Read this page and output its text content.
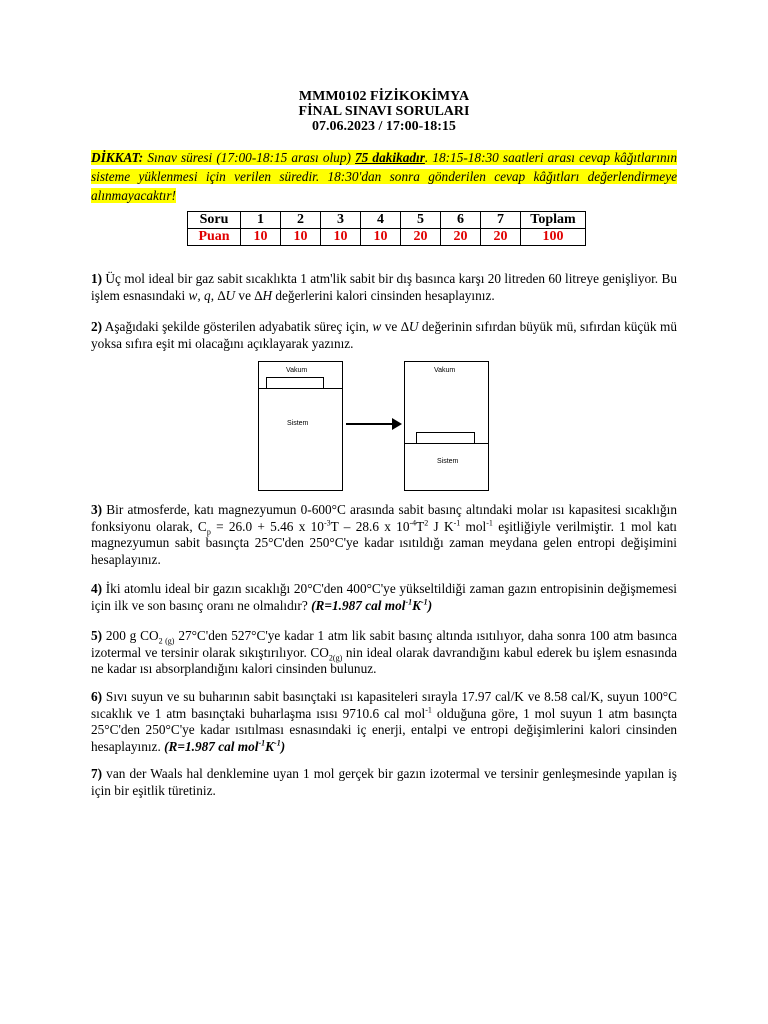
MMM0102 FİZİKOKİMYA
FİNAL SINAVI SORULARI
07.06.2023 / 17:00-18:15
DİKKAT: Sınav süresi (17:00-18:15 arası olup) 75 dakikadır. 18:15-18:30 saatleri arası cevap kâğıtlarının sisteme yüklenmesi için verilen süredir. 18:30'dan sonra gönderilen cevap kâğıtları değerlendirmeye alınmayacaktır!
Soru	1	2	3	4	5	6	7	Toplam
Puan	10	10	10	10	20	20	20	100
1) Üç mol ideal bir gaz sabit sıcaklıkta 1 atm'lik sabit bir dış basınca karşı 20 litreden 60 litreye genişliyor. Bu işlem esnasındaki w, q, ∆U ve ∆H değerlerini kalori cinsinden hesaplayınız.
2) Aşağıdaki şekilde gösterilen adyabatik süreç için, w ve ∆U değerinin sıfırdan büyük mü, sıfırdan küçük mü yoksa sıfıra eşit mi olacağını açıklayarak yazınız.
Vakum
Sistem
Vakum
Sistem
3) Bir atmosferde, katı magnezyumun 0-600°C arasında sabit basınç altındaki molar ısı kapasitesi sıcaklığın fonksiyonu olarak, $C_p = 26.0 + 5.46$ x $10^{-3}T - 28.6$ x $10^{-4}T^2$ J $K^{-1}$ mol$^{-1}$ eşitliğiyle verilmiştir. 1 mol katı magnezyumun sabit basınçta 25°C'den 250°C'ye kadar ısıtıldığı zaman meydana gelen entropi değişimini hesaplayınız.
4) İki atomlu ideal bir gazın sıcaklığı 20°C'den 400°C'ye yükseltildiği zaman gazın entropisinin değişmemesi için ilk ve son basınç oranı ne olmalıdır? (R=1.987 cal $mol^{-1}K^{-1}$)
5) 200 g $CO_{2 (g)}$ 27°C'den 527°C'ye kadar 1 atm lik sabit basınç altında ısıtılıyor, daha sonra 100 atm basınca izotermal ve tersinir olarak sıkıştırılıyor. $CO_{2(g)}$ nin ideal olarak davrandığını kabul ederek bu işlem esnasında ne kadar ısı absorplandığını kalori cinsinden bulunuz.
6) Sıvı suyun ve su buharının sabit basınçtaki ısı kapasiteleri sırayla 17.97 cal/K ve 8.58 cal/K, suyun 100°C sıcaklık ve 1 atm basınçtaki buharlaşma ısısı 9710.6 cal mol$^{-1}$ olduğuna göre, 1 mol suyun 1 atm basınçta 25°C'den 250°C'ye kadar ısıtılması esnasındaki iç enerji, entalpi ve entropi değişimlerini kalori cinsinden hesaplayınız. (R=1.987 cal $mol^{-1}K^{-1}$)
7) van der Waals hal denklemine uyan 1 mol gerçek bir gazın izotermal ve tersinir genleşmesinde yapılan iş için bir eşitlik türetiniz.
